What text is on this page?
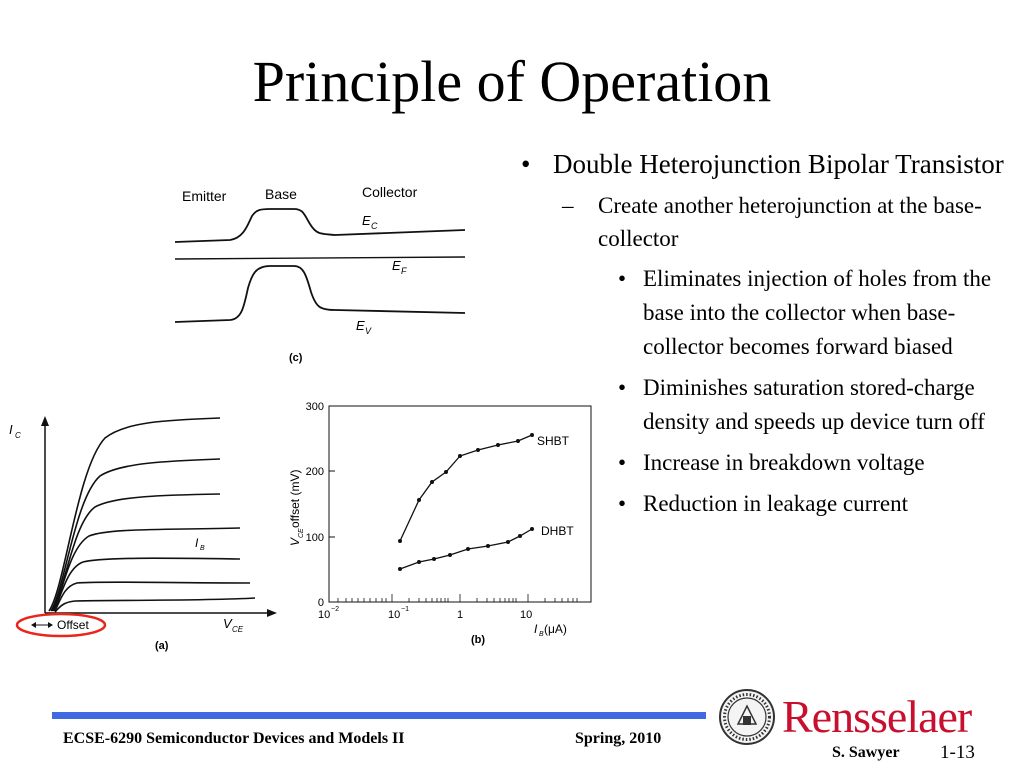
Principle of Operation
• Double Heterojunction Bipolar Transistor
– Create another heterojunction at the base-collector
• Eliminates injection of holes from the base into the collector when base-collector becomes forward biased
• Diminishes saturation stored-charge density and speeds up device turn off
• Increase in breakdown voltage
• Reduction in leakage current
Emitter	Base	Collector
E C
E F
E V
(c)
I C
V CE
I B
Offset
(a)
0
100
200
300
V
CE
offset (mV)
10 −2	10 −1	1	10
I B (μA)
SHBT
DHBT
(b)
ECSE-6290 Semiconductor Devices and Models II	Spring, 2010
S. Sawyer 1-13
Rensselaer
